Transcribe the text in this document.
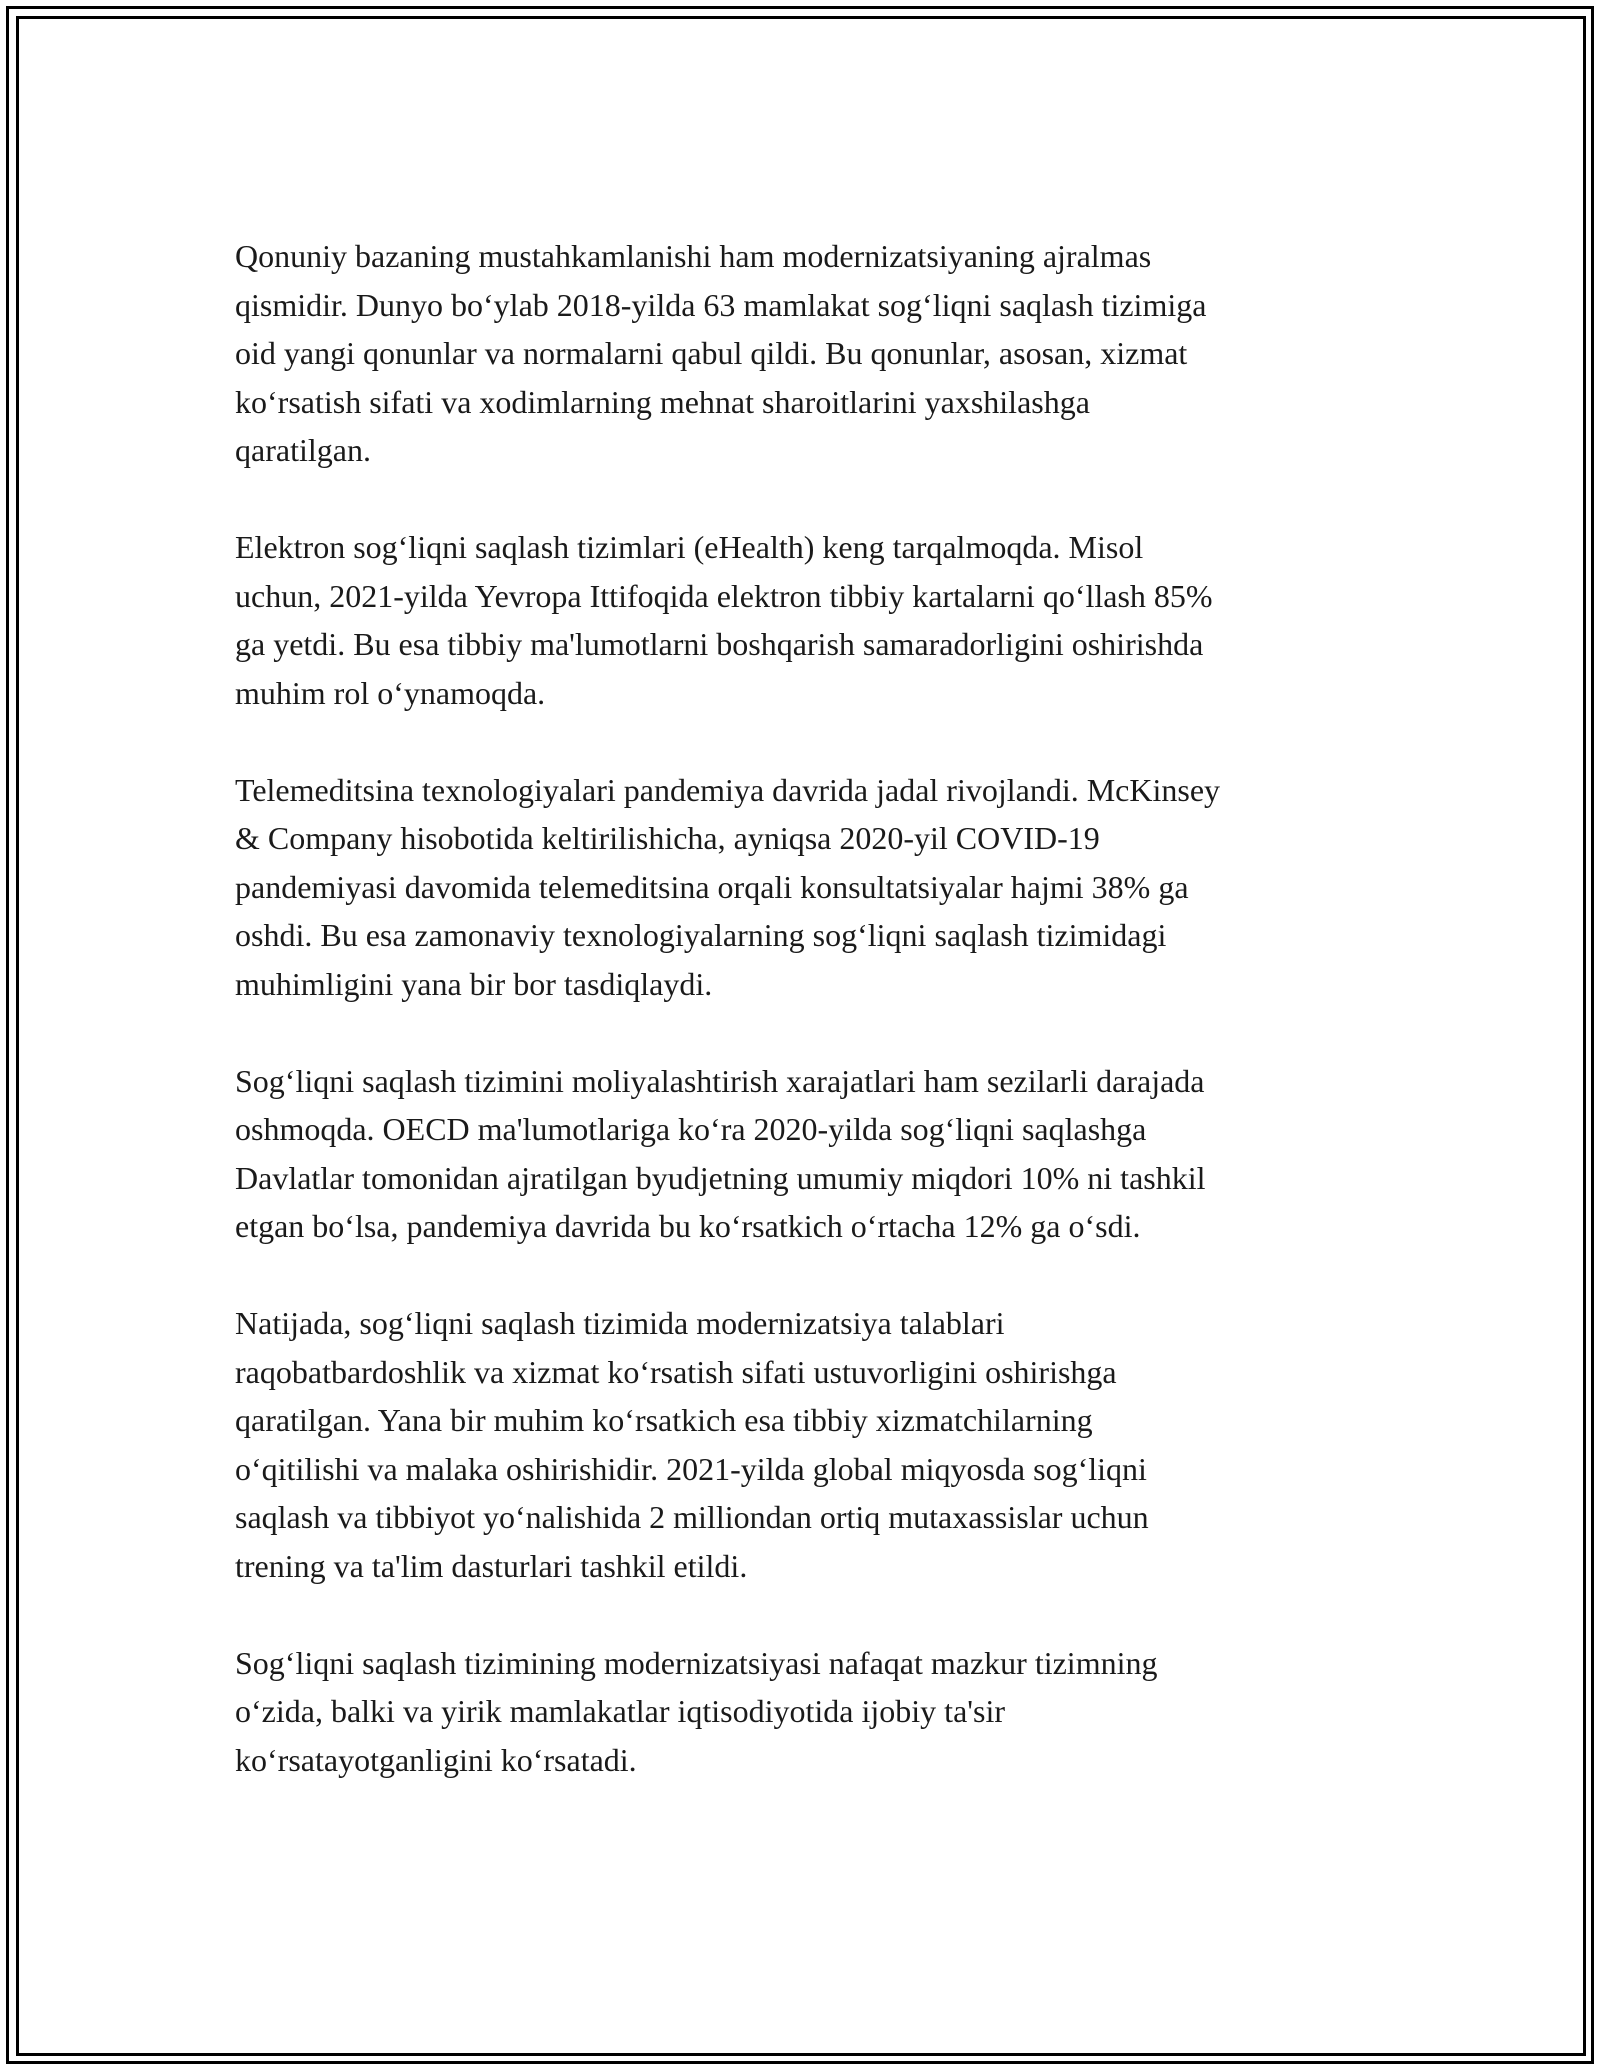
Qonuniy bazaning mustahkamlanishi ham modernizatsiyaning ajralmas
qismidir. Dunyo bo‘ylab 2018-yilda 63 mamlakat sog‘liqni saqlash tizimiga
oid yangi qonunlar va normalarni qabul qildi. Bu qonunlar, asosan, xizmat
ko‘rsatish sifati va xodimlarning mehnat sharoitlarini yaxshilashga
qaratilgan.

Elektron sog‘liqni saqlash tizimlari (eHealth) keng tarqalmoqda. Misol
uchun, 2021-yilda Yevropa Ittifoqida elektron tibbiy kartalarni qo‘llash 85%
ga yetdi. Bu esa tibbiy ma'lumotlarni boshqarish samaradorligini oshirishda
muhim rol o‘ynamoqda.

Telemeditsina texnologiyalari pandemiya davrida jadal rivojlandi. McKinsey
& Company hisobotida keltirilishicha, ayniqsa 2020-yil COVID-19
pandemiyasi davomida telemeditsina orqali konsultatsiyalar hajmi 38% ga
oshdi. Bu esa zamonaviy texnologiyalarning sog‘liqni saqlash tizimidagi
muhimligini yana bir bor tasdiqlaydi.

Sog‘liqni saqlash tizimini moliyalashtirish xarajatlari ham sezilarli darajada
oshmoqda. OECD ma'lumotlariga ko‘ra 2020-yilda sog‘liqni saqlashga
Davlatlar tomonidan ajratilgan byudjetning umumiy miqdori 10% ni tashkil
etgan bo‘lsa, pandemiya davrida bu ko‘rsatkich o‘rtacha 12% ga o‘sdi.

Natijada, sog‘liqni saqlash tizimida modernizatsiya talablari
raqobatbardoshlik va xizmat ko‘rsatish sifati ustuvorligini oshirishga
qaratilgan. Yana bir muhim ko‘rsatkich esa tibbiy xizmatchilarning
o‘qitilishi va malaka oshirishidir. 2021-yilda global miqyosda sog‘liqni
saqlash va tibbiyot yo‘nalishida 2 milliondan ortiq mutaxassislar uchun
trening va ta'lim dasturlari tashkil etildi.

Sog‘liqni saqlash tizimining modernizatsiyasi nafaqat mazkur tizimning
o‘zida, balki va yirik mamlakatlar iqtisodiyotida ijobiy ta'sir
ko‘rsatayotganligini ko‘rsatadi.
